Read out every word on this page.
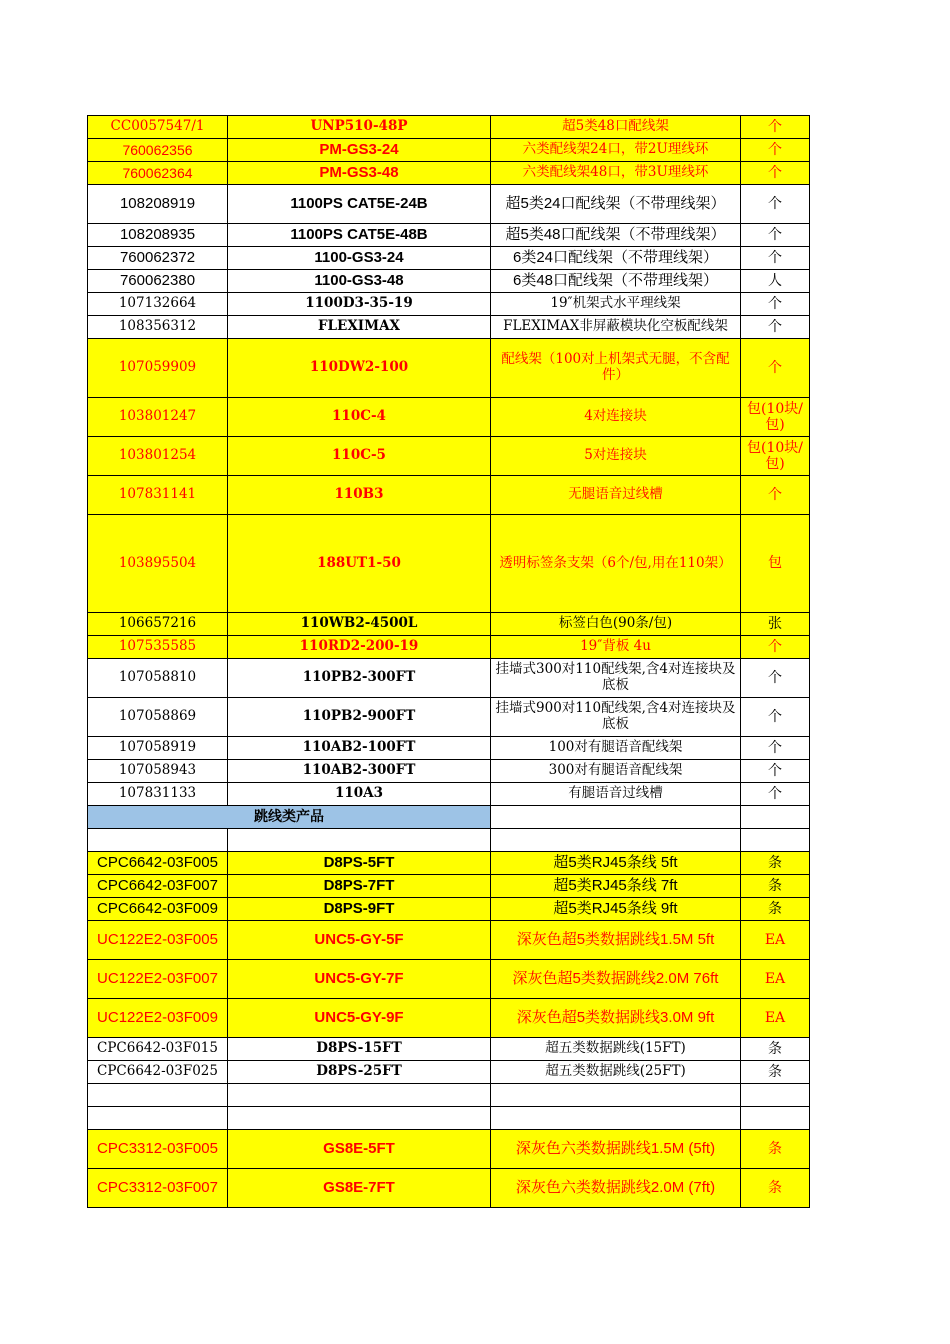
CC0057547/1	UNP510-48P	超5类48口配线架	个
760062356	PM-GS3-24	六类配线架24口，带2U理线环	个
760062364	PM-GS3-48	六类配线架48口，带3U理线环	个
108208919	1100PS CAT5E-24B	超5类24口配线架（不带理线架）	个
108208935	1100PS CAT5E-48B	超5类48口配线架（不带理线架）	个
760062372	1100-GS3-24	6类24口配线架（不带理线架）	个
760062380	1100-GS3-48	6类48口配线架（不带理线架）	人
107132664	1100D3-35-19	19″机架式水平理线架	个
108356312	FLEXIMAX	FLEXIMAX非屏蔽模块化空板配线架	个
107059909	110DW2-100	配线架（100对上机架式无腿，不含配件）	个
103801247	110C-4	4对连接块	包(10块/包)
103801254	110C-5	5对连接块	包(10块/包)
107831141	110B3	无腿语音过线槽	个
103895504	188UT1-50	透明标签条支架（6个/包,用在110架）	包
106657216	110WB2-4500L	标签白色(90条/包)	张
107535585	110RD2-200-19	19″背板 4u	个
107058810	110PB2-300FT	挂墙式300对110配线架,含4对连接块及底板	个
107058869	110PB2-900FT	挂墙式900对110配线架,含4对连接块及底板	个
107058919	110AB2-100FT	100对有腿语音配线架	个
107058943	110AB2-300FT	300对有腿语音配线架	个
107831133	110A3	有腿语音过线槽	个
跳线类产品			

CPC6642-03F005	D8PS-5FT	超5类RJ45条线 5ft	条
CPC6642-03F007	D8PS-7FT	超5类RJ45条线 7ft	条
CPC6642-03F009	D8PS-9FT	超5类RJ45条线 9ft	条
UC122E2-03F005	UNC5-GY-5F	深灰色超5类数据跳线1.5M 5ft	EA
UC122E2-03F007	UNC5-GY-7F	深灰色超5类数据跳线2.0M 76ft	EA
UC122E2-03F009	UNC5-GY-9F	深灰色超5类数据跳线3.0M 9ft	EA
CPC6642-03F015	D8PS-15FT	超五类数据跳线(15FT)	条
CPC6642-03F025	D8PS-25FT	超五类数据跳线(25FT)	条

CPC3312-03F005	GS8E-5FT	深灰色六类数据跳线1.5M (5ft)	条
CPC3312-03F007	GS8E-7FT	深灰色六类数据跳线2.0M (7ft)	条
